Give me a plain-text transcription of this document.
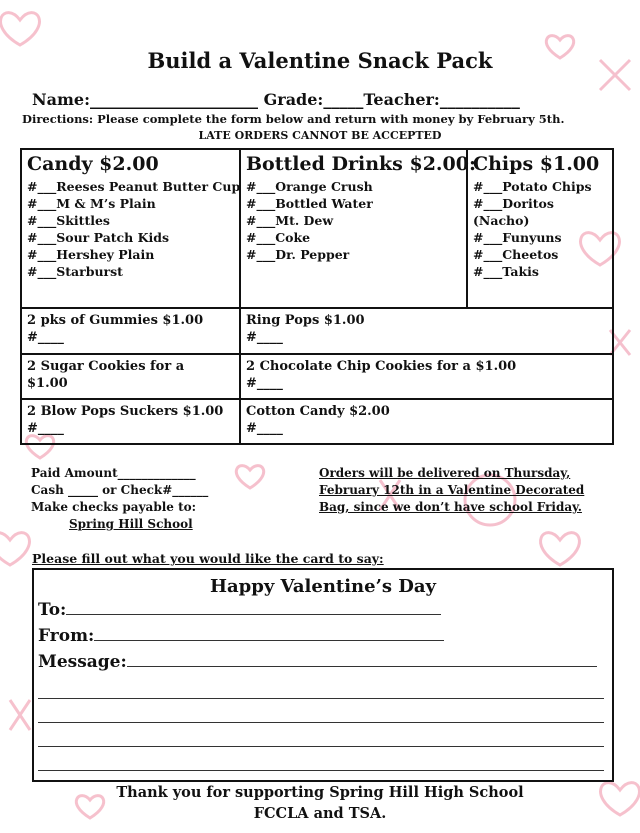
Build a Valentine Snack Pack
Name:_____________________ Grade:_____Teacher:__________
Directions: Please complete the form below and return with money by February 5th.
LATE ORDERS CANNOT BE ACCEPTED
Candy $2.00
#___Reeses Peanut Butter Cup
#___M & M’s Plain
#___Skittles
#___Sour Patch Kids
#___Hershey Plain
#___Starburst
Bottled Drinks $2.00:
#___Orange Crush
#___Bottled Water
#___Mt. Dew
#___Coke
#___Dr. Pepper
Chips $1.00
#___Potato Chips
#___Doritos (Nacho)
#___Funyuns
#___Cheetos
#___Takis
2 pks of Gummies $1.00
#____
Ring Pops $1.00
#____
2 Sugar Cookies for a $1.00
2 Chocolate Chip Cookies for a $1.00
#____
2 Blow Pops Suckers $1.00
#____
Cotton Candy $2.00
#____
Paid Amount_____________
Cash _____ or Check#______
Make checks payable to:
Spring Hill School
Orders will be delivered on Thursday, February 12th in a Valentine Decorated Bag, since we don’t have school Friday.
Please fill out what you would like the card to say:
Happy Valentine’s Day
To:
From:
Message:
Thank you for supporting Spring Hill High School
FCCLA and TSA.
